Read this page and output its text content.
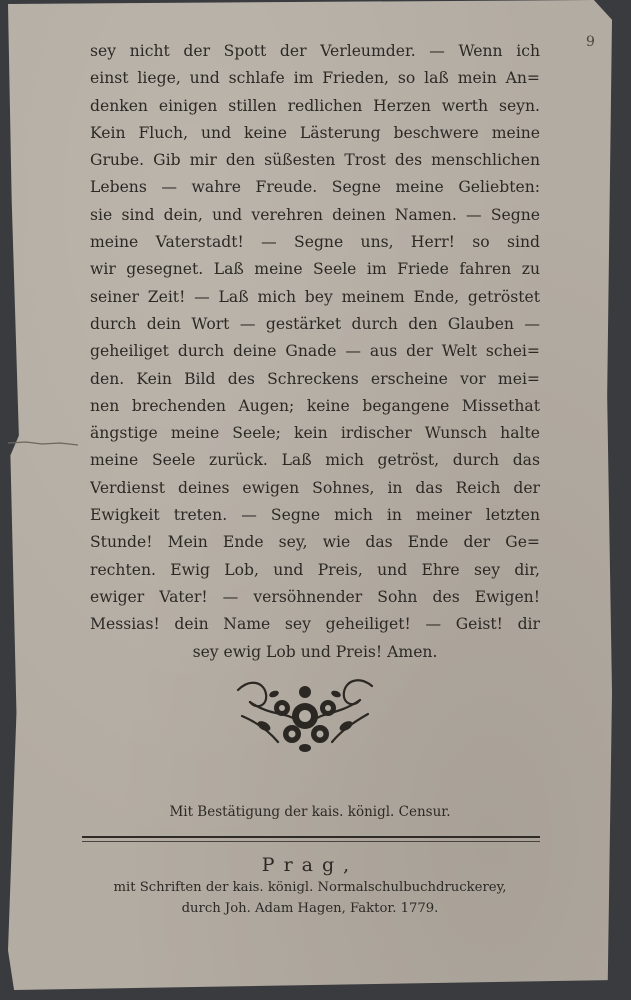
9
sey nicht der Spott der Verleumder. — Wenn ich
einst liege, und schlafe im Frieden, so laß mein An=
denken einigen stillen redlichen Herzen werth seyn.
Kein Fluch, und keine Lästerung beschwere meine
Grube. Gib mir den süßesten Trost des menschlichen
Lebens — wahre Freude. Segne meine Geliebten:
sie sind dein, und verehren deinen Namen. — Segne
meine Vaterstadt! — Segne uns, Herr! so sind
wir gesegnet. Laß meine Seele im Friede fahren zu
seiner Zeit! — Laß mich bey meinem Ende, getröstet
durch dein Wort — gestärket durch den Glauben —
geheiliget durch deine Gnade — aus der Welt schei=
den. Kein Bild des Schreckens erscheine vor mei=
nen brechenden Augen; keine begangene Missethat
ängstige meine Seele; kein irdischer Wunsch halte
meine Seele zurück. Laß mich getröst, durch das
Verdienst deines ewigen Sohnes, in das Reich der
Ewigkeit treten. — Segne mich in meiner letzten
Stunde! Mein Ende sey, wie das Ende der Ge=
rechten. Ewig Lob, und Preis, und Ehre sey dir,
ewiger Vater! — versöhnender Sohn des Ewigen!
Messias! dein Name sey geheiliget! — Geist! dir
sey ewig Lob und Preis! Amen.
Mit Bestätigung der kais. königl. Censur.
Prag,
mit Schriften der kais. königl. Normalschulbuchdruckerey,
durch Joh. Adam Hagen, Faktor. 1779.
